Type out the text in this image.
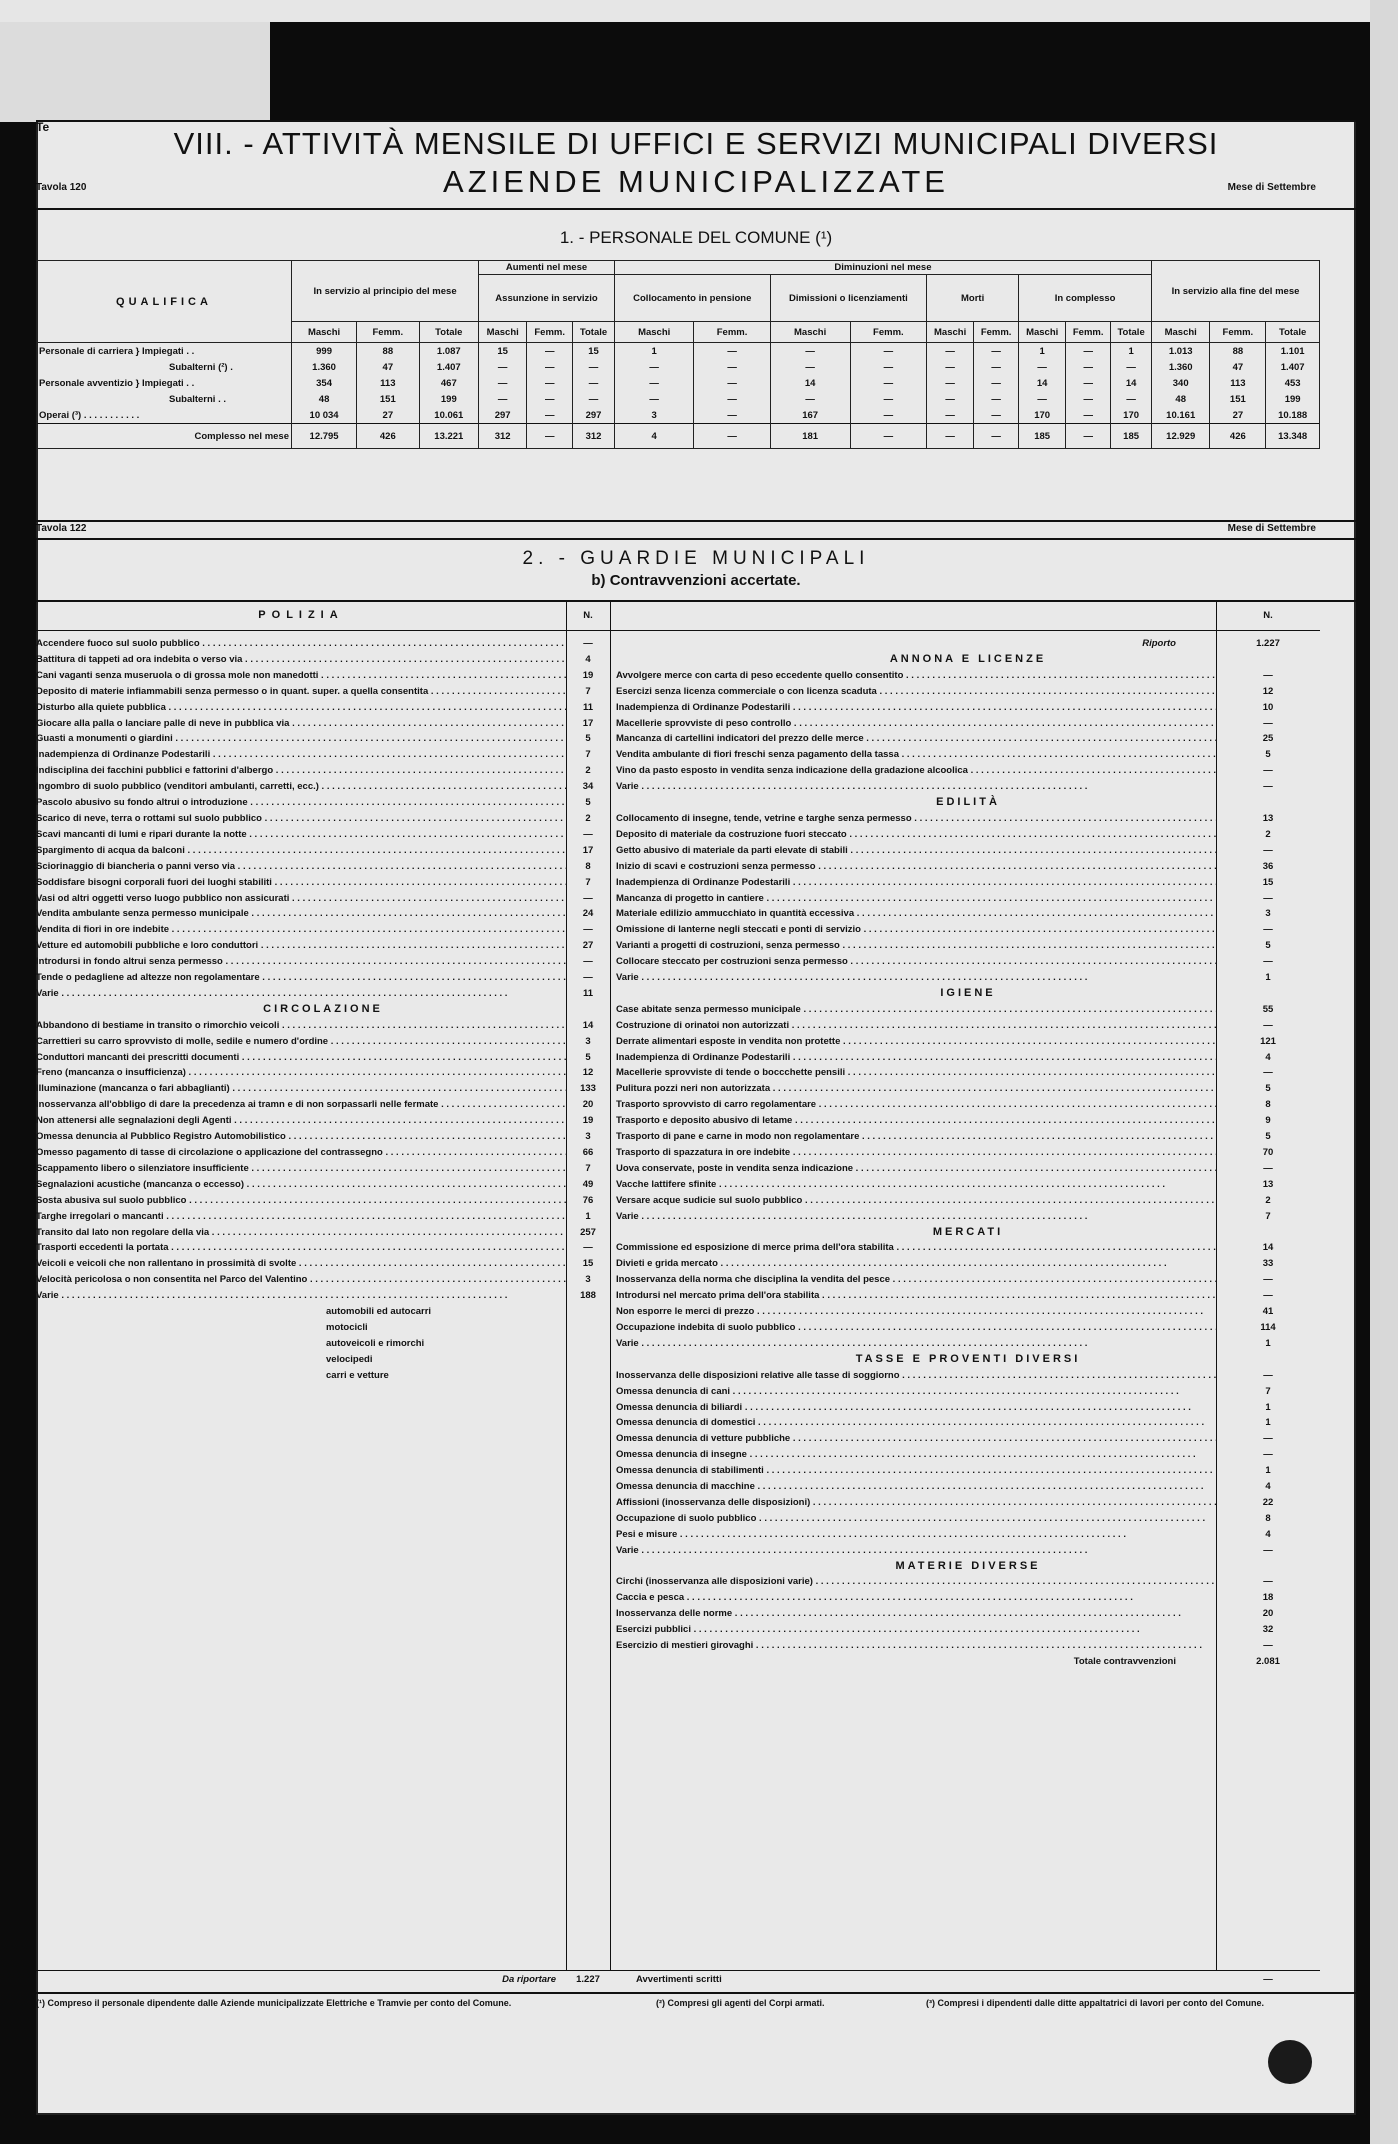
Te	VIII. - ATTIVITÀ MENSILE DI UFFICI E SERVIZI MUNICIPALI DIVERSI
AZIENDE MUNICIPALIZZATE
Tavola 120	Mese di Settembre
1. - PERSONALE DEL COMUNE (¹)
QUALIFICA	In servizio al principio del mese			Aumenti nel mese			Diminuzioni nel mese									In servizio alla fine del mese		
				Assunzione in servizio			Collocamento in pensione		Dimissioni o licenziamenti		Morti		In complesso					
	Maschi	Femm.	Totale	Maschi	Femm.	Totale	Maschi	Femm.	Maschi	Femm.	Maschi	Femm.	Maschi	Femm.	Totale	Maschi	Femm.	Totale
Personale di carriera } Impiegati . .	999	88	1.087	15	—	15	1	—	—	—	—	—	1	—	1	1.013	88	1.101
Subalterni (²) .	1.360	47	1.407	—	—	—	—	—	—	—	—	—	—	—	—	1.360	47	1.407
Personale avventizio } Impiegati . .	354	113	467	—	—	—	—	—	14	—	—	—	14	—	14	340	113	453
Subalterni . .	48	151	199	—	—	—	—	—	—	—	—	—	—	—	—	48	151	199
Operai (³) . . . . . . . . . . .	10 034	27	10.061	297	—	297	3	—	167	—	—	—	170	—	170	10.161	27	10.188
Complesso nel mese	12.795	426	13.221	312	—	312	4	—	181	—	—	—	185	—	185	12.929	426	13.348
Tavola 122	Mese di Settembre
2. - GUARDIE MUNICIPALI
b) Contravvenzioni accertate.
POLIZIA	N.	N.
Accendere fuoco sul suolo pubblico . . .	—
Battitura di tappeti ad ora indebita o verso via . . .	4
Cani vaganti senza museruola o di grossa mole non manedotti . . .	19
Deposito di materie infiammabili senza permesso o in quant. super. a quella consentita . . .	7
Disturbo alla quiete pubblica . . .	11
Giocare alla palla o lanciare palle di neve in pubblica via . . .	17
Guasti a monumenti o giardini . . .	5
Inadempienza di Ordinanze Podestarili . . .	7
Indisciplina dei facchini pubblici e fattorini d'albergo . . .	2
Ingombro di suolo pubblico (venditori ambulanti, carretti, ecc.) . . .	34
Pascolo abusivo su fondo altrui o introduzione . . .	5
Scarico di neve, terra o rottami sul suolo pubblico . . .	2
Scavi mancanti di lumi e ripari durante la notte . . .	—
Spargimento di acqua da balconi . . .	17
Sciorinaggio di biancheria o panni verso via . . .	8
Soddisfare bisogni corporali fuori dei luoghi stabiliti . . .	7
Vasi od altri oggetti verso luogo pubblico non assicurati . . .	—
Vendita ambulante senza permesso municipale . . .	24
Vendita di fiori in ore indebite . . .	—
Vetture ed automobili pubbliche e loro conduttori . . .	27
Introdursi in fondo altrui senza permesso . . .	—
Tende o pedagliene ad altezze non regolamentare . . .	—
Varie . . .	11
CIRCOLAZIONE
Abbandono di bestiame in transito o rimorchio veicoli . . .	14
Carrettieri su carro sprovvisto di molle, sedile e numero d'ordine . . .	3
Conduttori mancanti dei prescritti documenti . . .	5
Freno (mancanza o insufficienza) . . .	12
Illuminazione (mancanza o fari abbaglianti) . . .	133
Inosservanza all'obbligo di dare la precedenza ai tramn e di non sorpassarli nelle fermate . . .	20
Non attenersi alle segnalazioni degli Agenti . . .	19
Omessa denuncia al Pubblico Registro Automobilistico . . .	3
Omesso pagamento di tasse di circolazione o applicazione del contrassegno . . .	66
Scappamento libero o silenziatore insufficiente . . .	7
Segnalazioni acustiche (mancanza o eccesso) . . .	49
Sosta abusiva sul suolo pubblico . . .	76
Targhe irregolari o mancanti . . .	1
Transito dal lato non regolare della via . . .	257
Trasporti eccedenti la portata . . .	—
Veicoli e veicoli che non rallentano in prossimità di svolte . . .	15
Velocità pericolosa o non consentita nel Parco del Valentino . . .	3
Varie . . .	188
automobili ed autocarri
motocicli
autoveicoli e rimorchi
velocipedi
carri e vetture
Riporto	1.227
ANNONA E LICENZE
Avvolgere merce con carta di peso eccedente quello consentito . . .	—
Esercizi senza licenza commerciale o con licenza scaduta . . .	12
Inadempienza di Ordinanze Podestarili . . .	10
Macellerie sprovviste di peso controllo . . .	—
Mancanza di cartellini indicatori del prezzo delle merce . . .	25
Vendita ambulante di fiori freschi senza pagamento della tassa . . .	5
Vino da pasto esposto in vendita senza indicazione della gradazione alcoolica . . .	—
Varie . . .	—
EDILITÀ
Collocamento di insegne, tende, vetrine e targhe senza permesso . . .	13
Deposito di materiale da costruzione fuori steccato . . .	2
Getto abusivo di materiale da parti elevate di stabili . . .	—
Inizio di scavi e costruzioni senza permesso . . .	36
Inadempienza di Ordinanze Podestarili . . .	15
Mancanza di progetto in cantiere . . .	—
Materiale edilizio ammucchiato in quantità eccessiva . . .	3
Omissione di lanterne negli steccati e ponti di servizio . . .	—
Varianti a progetti di costruzioni, senza permesso . . .	5
Collocare steccato per costruzioni senza permesso . . .	—
Varie . . .	1
IGIENE
Case abitate senza permesso municipale . . .	55
Costruzione di orinatoi non autorizzati . . .	—
Derrate alimentari esposte in vendita non protette . . .	121
Inadempienza di Ordinanze Podestarili . . .	4
Macellerie sprovviste di tende o boccchette pensili . . .	—
Pulitura pozzi neri non autorizzata . . .	5
Trasporto sprovvisto di carro regolamentare . . .	8
Trasporto e deposito abusivo di letame . . .	9
Trasporto di pane e carne in modo non regolamentare . . .	5
Trasporto di spazzatura in ore indebite . . .	70
Uova conservate, poste in vendita senza indicazione . . .	—
Vacche lattifere sfinite . . .	13
Versare acque sudicie sul suolo pubblico . . .	2
Varie . . .	7
MERCATI
Commissione ed esposizione di merce prima dell'ora stabilita . . .	14
Divieti e grida mercato . . .	33
Inosservanza della norma che disciplina la vendita del pesce . . .	—
Introdursi nel mercato prima dell'ora stabilita . . .	—
Non esporre le merci di prezzo . . .	41
Occupazione indebita di suolo pubblico . . .	114
Varie . . .	1
TASSE E PROVENTI DIVERSI
Inosservanza delle disposizioni relative alle tasse di soggiorno . . .	—
Omessa denuncia di cani . . .	7
Omessa denuncia di biliardi . . .	1
Omessa denuncia di domestici . . .	1
Omessa denuncia di vetture pubbliche . . .	—
Omessa denuncia di insegne . . .	—
Omessa denuncia di stabilimenti . . .	1
Omessa denuncia di macchine . . .	4
Affissioni (inosservanza delle disposizioni) . . .	22
Occupazione di suolo pubblico . . .	8
Pesi e misure . . .	4
Varie . . .	—
MATERIE DIVERSE
Circhi (inosservanza alle disposizioni varie) . . .	—
Caccia e pesca . . .	18
Inosservanza delle norme . . .	20
Esercizi pubblici . . .	32
Esercizio di mestieri girovaghi . . .	—
Totale contravvenzioni	2.081
Da riportare	1.227	Avvertimenti scritti	—
(¹) Compreso il personale dipendente dalle Aziende municipalizzate Elettriche e Tramvie per conto del Comune.	(²) Compresi gli agenti del Corpi armati.	(³) Compresi i dipendenti dalle ditte appaltatrici di lavori per conto del Comune.
